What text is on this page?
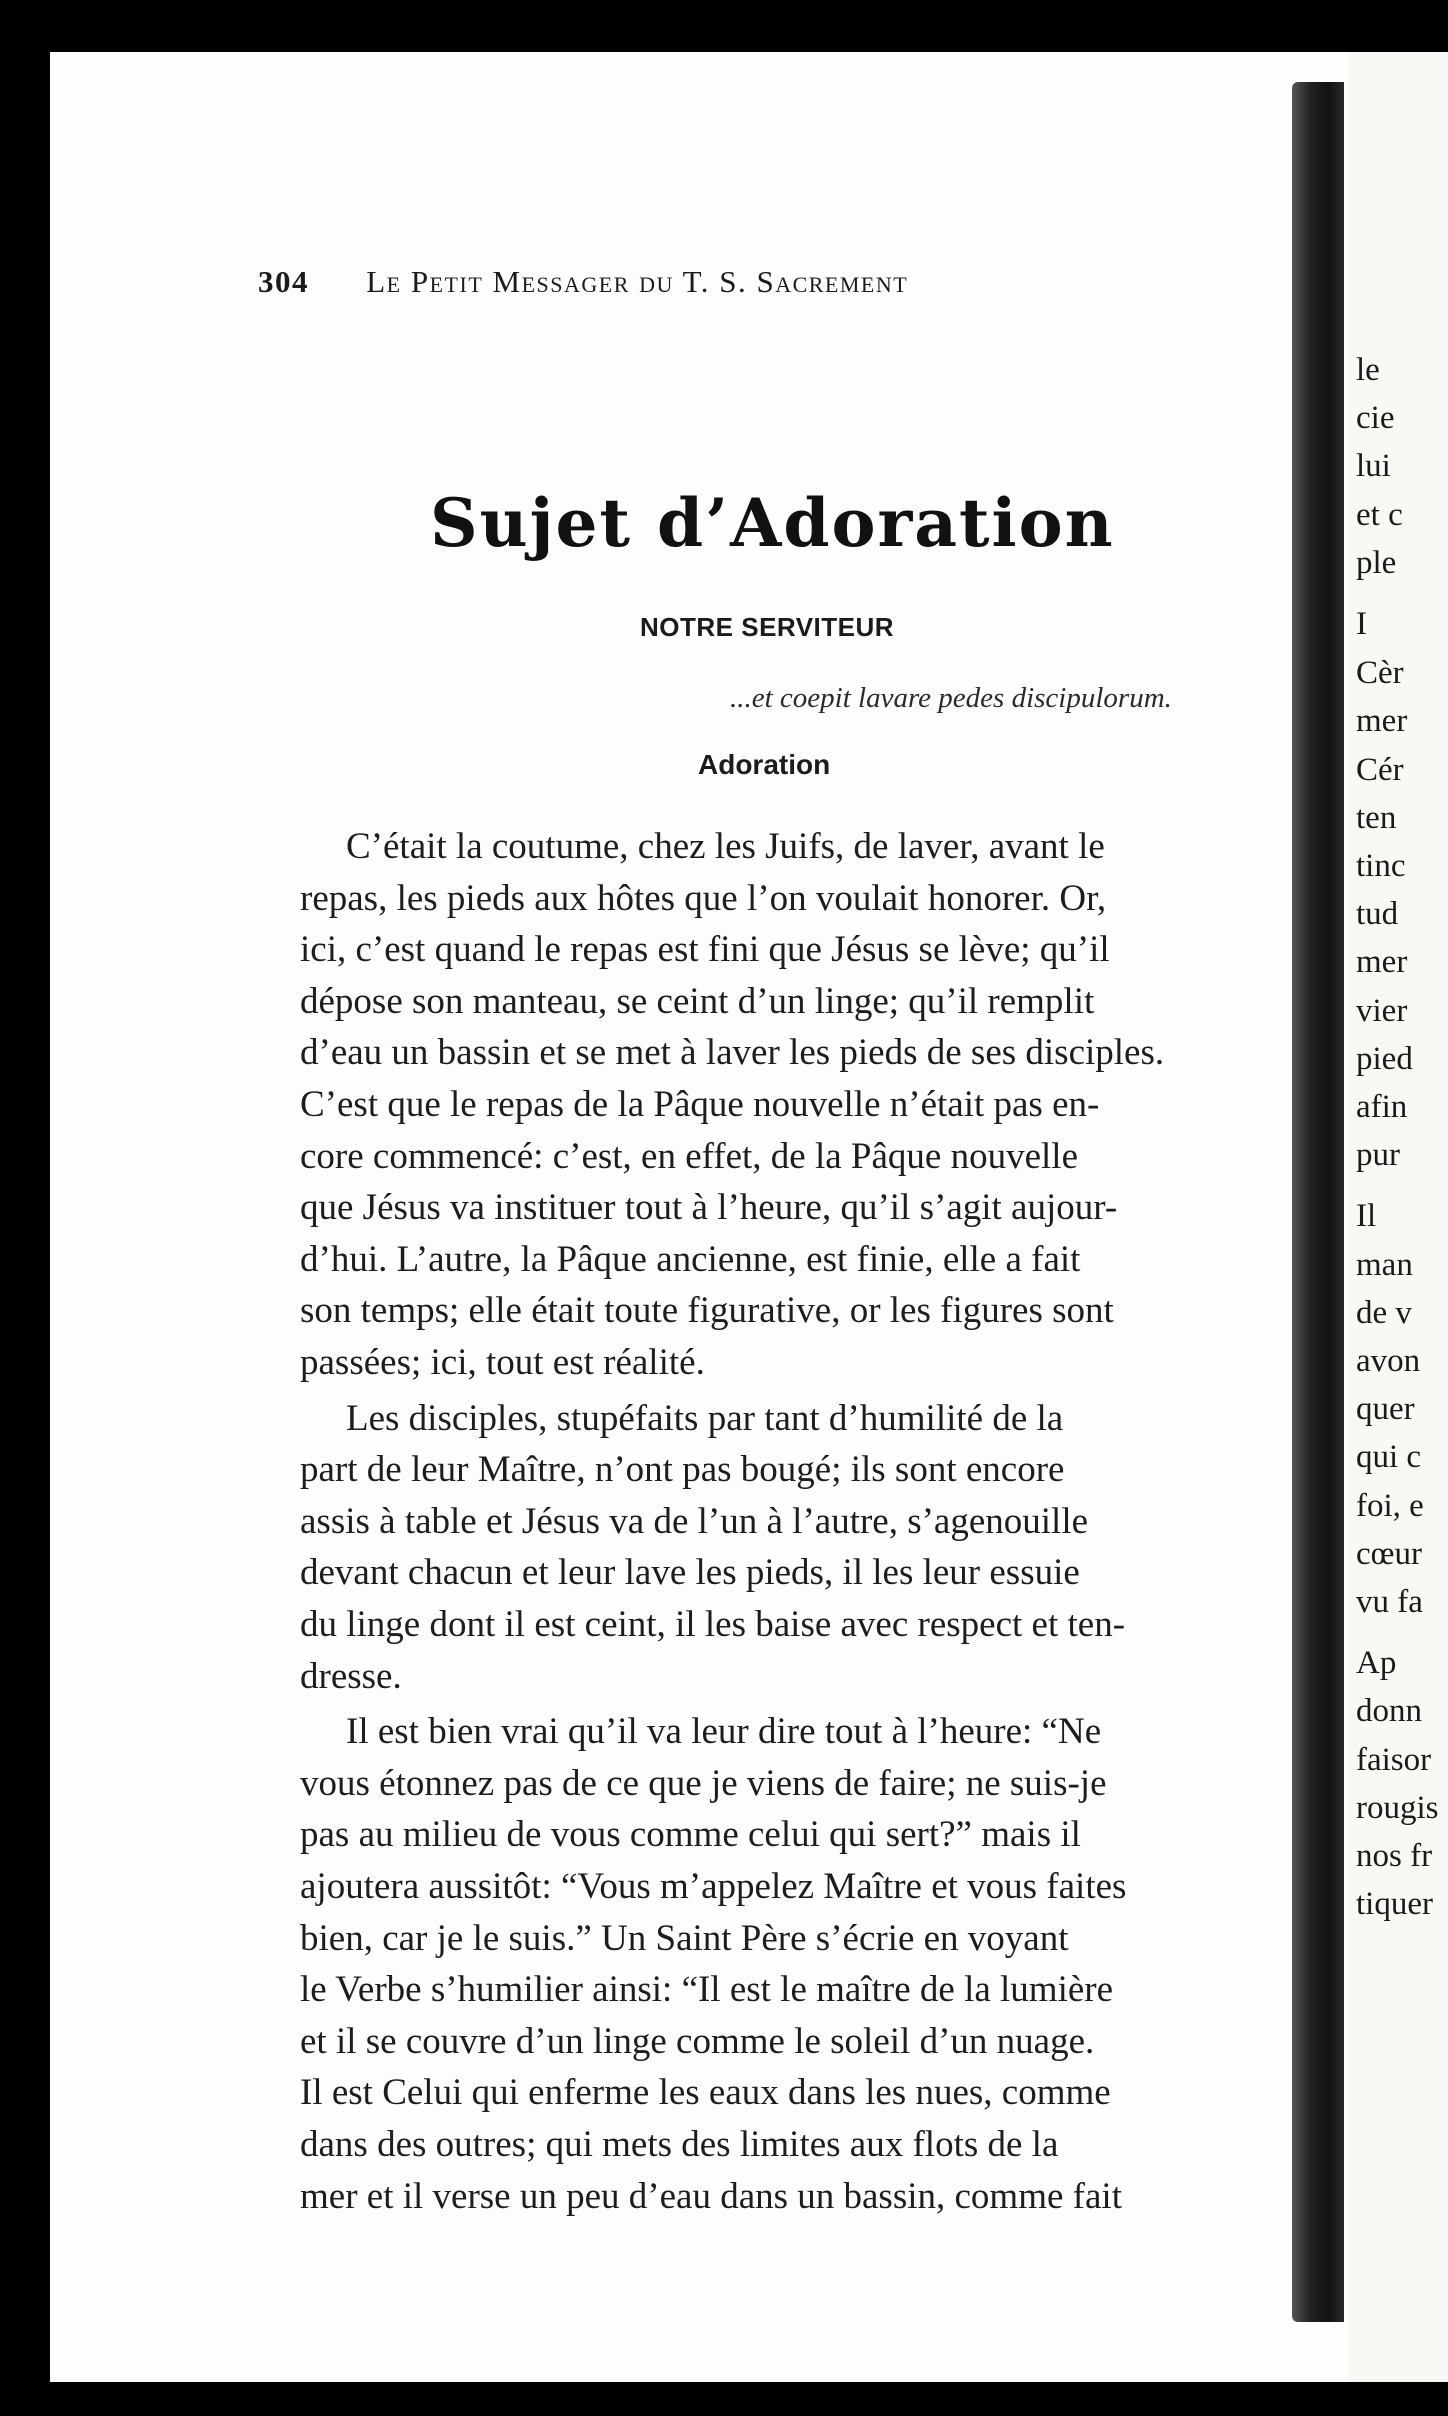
304 Le Petit Messager du T. S. Sacrement
Sujet d’Adoration
NOTRE SERVITEUR
...et coepit lavare pedes discipulorum.
Adoration
C’était la coutume, chez les Juifs, de laver, avant le
repas, les pieds aux hôtes que l’on voulait honorer. Or,
ici, c’est quand le repas est fini que Jésus se lève; qu’il
dépose son manteau, se ceint d’un linge; qu’il remplit
d’eau un bassin et se met à laver les pieds de ses disciples.
C’est que le repas de la Pâque nouvelle n’était pas en-
core commencé: c’est, en effet, de la Pâque nouvelle
que Jésus va instituer tout à l’heure, qu’il s’agit aujour-
d’hui. L’autre, la Pâque ancienne, est finie, elle a fait
son temps; elle était toute figurative, or les figures sont
passées; ici, tout est réalité.
Les disciples, stupéfaits par tant d’humilité de la
part de leur Maître, n’ont pas bougé; ils sont encore
assis à table et Jésus va de l’un à l’autre, s’agenouille
devant chacun et leur lave les pieds, il les leur essuie
du linge dont il est ceint, il les baise avec respect et ten-
dresse.
Il est bien vrai qu’il va leur dire tout à l’heure: “Ne
vous étonnez pas de ce que je viens de faire; ne suis-je
pas au milieu de vous comme celui qui sert?” mais il
ajoutera aussitôt: “Vous m’appelez Maître et vous faites
bien, car je le suis.” Un Saint Père s’écrie en voyant
le Verbe s’humilier ainsi: “Il est le maître de la lumière
et il se couvre d’un linge comme le soleil d’un nuage.
Il est Celui qui enferme les eaux dans les nues, comme
dans des outres; qui mets des limites aux flots de la
mer et il verse un peu d’eau dans un bassin, comme fait
le
cie
lui
et c
ple
I
Cèr
mer
Cér
ten
tinc
tud
mer
vier
pied
afin
pur
Il
man
de v
avon
quer
qui c
foi, e
cœur
vu fa
Ap
donn
faisor
rougis
nos fr
tiquer
